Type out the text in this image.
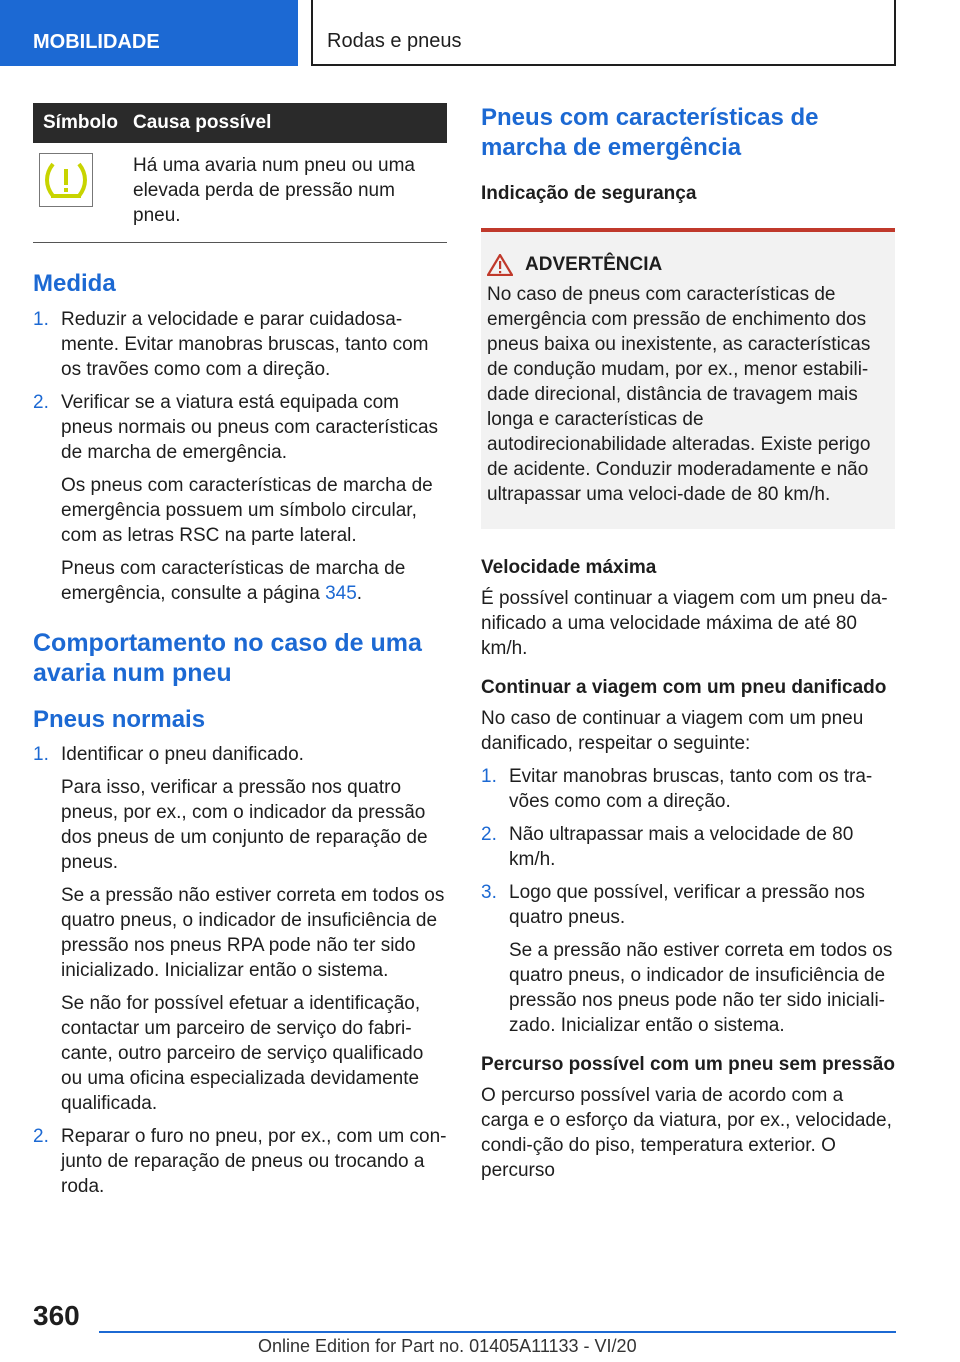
MOBILIDADE	Rodas e pneus
Símbolo	Causa possível

	Há uma avaria num pneu ou uma elevada perda de pressão num pneu.
Medida
1. Reduzir a velocidade e parar cuidadosa-mente. Evitar manobras bruscas, tanto com os travões como com a direção.
2. Verificar se a viatura está equipada com pneus normais ou pneus com características de marcha de emergência.
Os pneus com características de marcha de emergência possuem um símbolo circular, com as letras RSC na parte lateral.
Pneus com características de marcha de emergência, consulte a página 345.
Comportamento no caso de uma avaria num pneu
Pneus normais
1. Identificar o pneu danificado.
Para isso, verificar a pressão nos quatro pneus, por ex., com o indicador da pressão dos pneus de um conjunto de reparação de pneus.
Se a pressão não estiver correta em todos os quatro pneus, o indicador de insuficiência de pressão nos pneus RPA pode não ter sido inicializado. Inicializar então o sistema.
Se não for possível efetuar a identificação, contactar um parceiro de serviço do fabri-cante, outro parceiro de serviço qualificado ou uma oficina especializada devidamente qualificada.
2. Reparar o furo no pneu, por ex., com um con-junto de reparação de pneus ou trocando a roda.
Pneus com características de marcha de emergência
Indicação de segurança
ADVERTÊNCIA

No caso de pneus com características de emergência com pressão de enchimento dos pneus baixa ou inexistente, as características de condução mudam, por ex., menor estabili-dade direcional, distância de travagem mais longa e características de autodirecionabilidade alteradas. Existe perigo de acidente. Conduzir moderadamente e não ultrapassar uma veloci-dade de 80 km/h.

Velocidade máxima

É possível continuar a viagem com um pneu da-nificado a uma velocidade máxima de até 80 km/h.

Continuar a viagem com um pneu danificado

No caso de continuar a viagem com um pneu danificado, respeitar o seguinte:

1. Evitar manobras bruscas, tanto com os tra-vões como com a direção.
2. Não ultrapassar mais a velocidade de 80 km/h.
3. Logo que possível, verificar a pressão nos quatro pneus.
Se a pressão não estiver correta em todos os quatro pneus, o indicador de insuficiência de pressão nos pneus pode não ter sido iniciali-zado. Inicializar então o sistema.
Percurso possível com um pneu sem pressão

O percurso possível varia de acordo com a carga e o esforço da viatura, por ex., velocidade, condi-ção do piso, temperatura exterior. O percurso

360
Online Edition for Part no. 01405A11133 - VI/20
